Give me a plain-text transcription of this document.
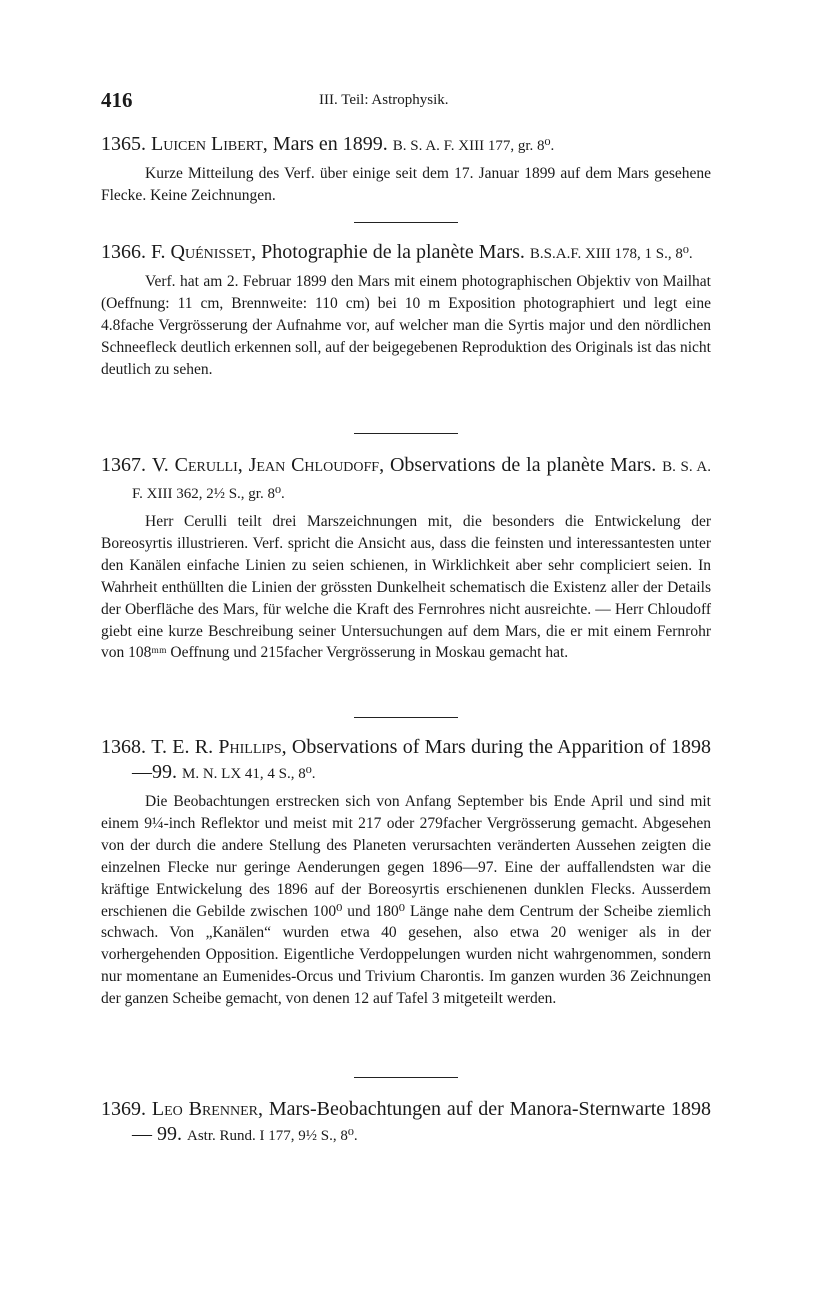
416	III. Teil: Astrophysik.

1365. Luicen Libert, Mars en 1899. B. S. A. F. XIII 177, gr. 8⁰.

Kurze Mitteilung des Verf. über einige seit dem 17. Januar 1899 auf dem Mars gesehene Flecke. Keine Zeichnungen.

1366. F. Quénisset, Photographie de la planète Mars. B.S.A.F. XIII 178, 1 S., 8⁰.

Verf. hat am 2. Februar 1899 den Mars mit einem photographischen Objektiv von Mailhat (Oeffnung: 11 cm, Brennweite: 110 cm) bei 10 m Exposition photographiert und legt eine 4.8fache Vergrösserung der Aufnahme vor, auf welcher man die Syrtis major und den nördlichen Schneefleck deutlich erkennen soll, auf der beigegebenen Reproduktion des Originals ist das nicht deutlich zu sehen.

1367. V. Cerulli, Jean Chloudoff, Observations de la planète Mars. B. S. A. F. XIII 362, 2½ S., gr. 8⁰.

Herr Cerulli teilt drei Marszeichnungen mit, die besonders die Entwickelung der Boreosyrtis illustrieren. Verf. spricht die Ansicht aus, dass die feinsten und interessantesten unter den Kanälen einfache Linien zu seien schienen, in Wirklichkeit aber sehr compliciert seien. In Wahrheit enthüllten die Linien der grössten Dunkelheit schematisch die Existenz aller der Details der Oberfläche des Mars, für welche die Kraft des Fernrohres nicht ausreichte. — Herr Chloudoff giebt eine kurze Beschreibung seiner Untersuchungen auf dem Mars, die er mit einem Fernrohr von 108ᵐᵐ Oeffnung und 215facher Vergrösserung in Moskau gemacht hat.

1368. T. E. R. Phillips, Observations of Mars during the Apparition of 1898—99. M. N. LX 41, 4 S., 8⁰.

Die Beobachtungen erstrecken sich von Anfang September bis Ende April und sind mit einem 9¼-inch Reflektor und meist mit 217 oder 279facher Vergrösserung gemacht. Abgesehen von der durch die andere Stellung des Planeten verursachten veränderten Aussehen zeigten die einzelnen Flecke nur geringe Aenderungen gegen 1896—97. Eine der auffallendsten war die kräftige Entwickelung des 1896 auf der Boreosyrtis erschienenen dunklen Flecks. Ausserdem erschienen die Gebilde zwischen 100⁰ und 180⁰ Länge nahe dem Centrum der Scheibe ziemlich schwach. Von „Kanälen“ wurden etwa 40 gesehen, also etwa 20 weniger als in der vorhergehenden Opposition. Eigentliche Verdoppelungen wurden nicht wahrgenommen, sondern nur momentane an Eumenides-Orcus und Trivium Charontis. Im ganzen wurden 36 Zeichnungen der ganzen Scheibe gemacht, von denen 12 auf Tafel 3 mitgeteilt werden.

1369. Leo Brenner, Mars-Beobachtungen auf der Manora-Sternwarte 1898 — 99. Astr. Rund. I 177, 9½ S., 8⁰.
